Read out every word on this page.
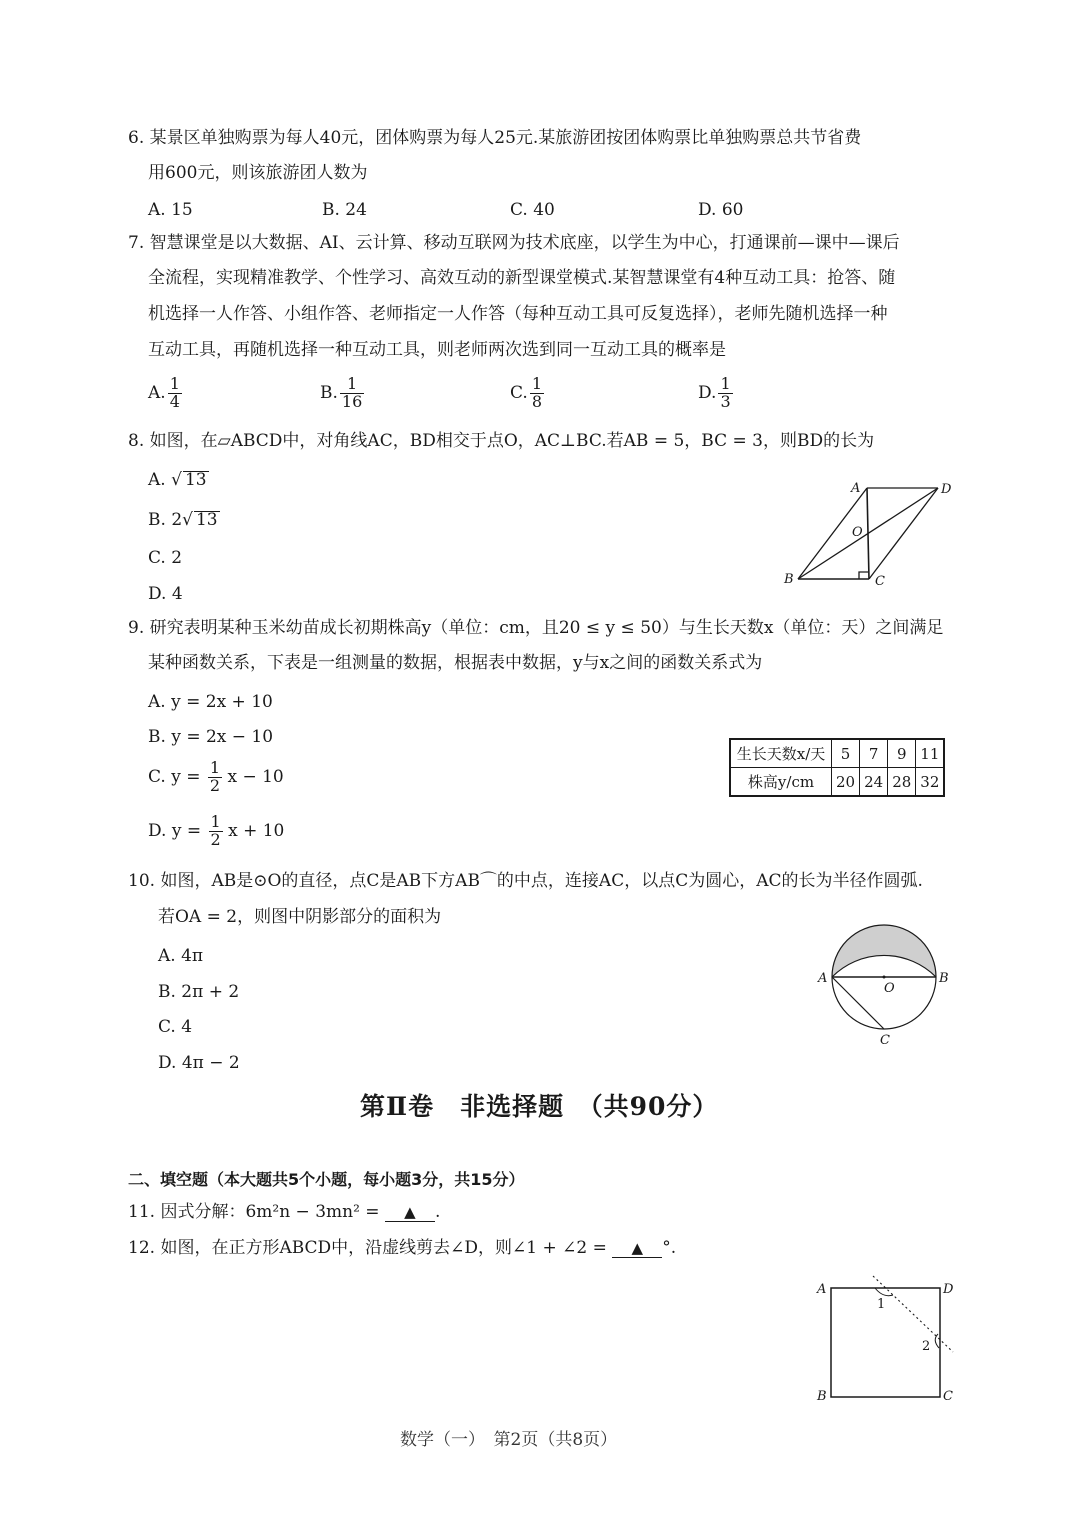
6. 某景区单独购票为每人40元，团体购票为每人25元.某旅游团按团体购票比单独购票总共节省费
用600元，则该旅游团人数为
A. 15	B. 24	C. 40	D. 60
7. 智慧课堂是以大数据、AI、云计算、移动互联网为技术底座，以学生为中心，打通课前—课中—课后
全流程，实现精准教学、个性学习、高效互动的新型课堂模式.某智慧课堂有4种互动工具：抢答、随
机选择一人作答、小组作答、老师指定一人作答（每种互动工具可反复选择），老师先随机选择一种
互动工具，再随机选择一种互动工具，则老师两次选到同一互动工具的概率是
A. $\frac{1}{4}$	B. $\frac{1}{16}$	C. $\frac{1}{8}$	D. $\frac{1}{3}$
8. 如图，在▱ABCD中，对角线AC，BD相交于点O，AC⊥BC.若AB = 5，BC = 3，则BD的长为
A. √ 13
B. 2√ 13
C. 2
D. 4
A	D
O
B	C
9. 研究表明某种玉米幼苗成长初期株高y（单位：cm，且20 ≤ y ≤ 50）与生长天数x（单位：天）之间满足
某种函数关系，下表是一组测量的数据，根据表中数据，y与x之间的函数关系式为
A. y = 2x + 10
B. y = 2x − 10
C. $y = \frac{1}{2}$ x − 10
D. $y = \frac{1}{2}$ x + 10
生长天数x/天	5	7	9	11
株高y/cm	20	24	28	32
10. 如图，AB是⊙O的直径，点C是AB下方AB⌒的中点，连接AC，以点C为圆心，AC的长为半径作圆弧.
若OA = 2，则图中阴影部分的面积为
A. 4π
B. 2π + 2
C. 4
D. 4π − 2
A	B
O
C
第Ⅱ卷　非选择题　（共90分）
二、填空题（本大题共5个小题，每小题3分，共15分）
11. 因式分解：6m²n − 3mn² = ▲ .
12. 如图，在正方形ABCD中，沿虚线剪去∠D，则∠1 + ∠2 = ▲ °.
A	D
B	C
1
2
数学（一）　第2页（共8页）
